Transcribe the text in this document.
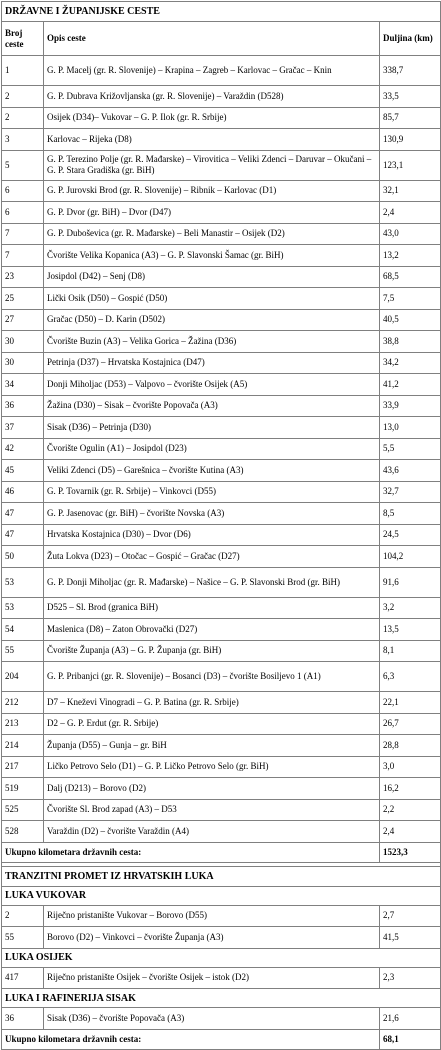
DRŽAVNE I ŽUPANIJSKE CESTE		
Broj ceste	Opis ceste	Duljina (km)
1	G. P. Macelj (gr. R. Slovenije) – Krapina – Zagreb – Karlovac – Gračac – Knin	338,7
2	G. P. Dubrava Križovljanska (gr. R. Slovenije) – Varaždin (D528)	33,5
2	Osijek (D34)– Vukovar – G. P. Ilok (gr. R. Srbije)	85,7
3	Karlovac – Rijeka (D8)	130,9
5	G. P. Terezino Polje (gr. R. Mađarske) – Virovitica – Veliki Zdenci – Daruvar – Okučani – G. P. Stara Gradiška (gr. BiH)	123,1
6	G. P. Jurovski Brod (gr. R. Slovenije) – Ribnik – Karlovac (D1)	32,1
6	G. P. Dvor (gr. BiH) – Dvor (D47)	2,4
7	G. P. Duboševica (gr. R. Mađarske) – Beli Manastir – Osijek (D2)	43,0
7	Čvorište Velika Kopanica (A3) – G. P. Slavonski Šamac (gr. BiH)	13,2
23	Josipdol (D42) – Senj (D8)	68,5
25	Lički Osik (D50) – Gospić (D50)	7,5
27	Gračac (D50) – D. Karin (D502)	40,5
30	Čvorište Buzin (A3) – Velika Gorica – Žažina (D36)	38,8
30	Petrinja (D37) – Hrvatska Kostajnica (D47)	34,2
34	Donji Miholjac (D53) – Valpovo – čvorište Osijek (A5)	41,2
36	Žažina (D30) – Sisak – čvorište Popovača (A3)	33,9
37	Sisak (D36) – Petrinja (D30)	13,0
42	Čvorište Ogulin (A1) – Josipdol (D23)	5,5
45	Veliki Zdenci (D5) – Garešnica – čvorište Kutina (A3)	43,6
46	G. P. Tovarnik (gr. R. Srbije) – Vinkovci (D55)	32,7
47	G. P. Jasenovac (gr. BiH) – čvorište Novska (A3)	8,5
47	Hrvatska Kostajnica (D30) – Dvor (D6)	24,5
50	Žuta Lokva (D23) – Otočac – Gospić – Gračac (D27)	104,2
53	G. P. Donji Miholjac (gr. R. Mađarske) – Našice – G. P. Slavonski Brod (gr. BiH)	91,6
53	D525 – Sl. Brod (granica BiH)	3,2
54	Maslenica (D8) – Zaton Obrovački (D27)	13,5
55	Čvorište Županja (A3) – G. P. Županja (gr. BiH)	8,1
204	G. P. Pribanjci (gr. R. Slovenije) – Bosanci (D3) – čvorište Bosiljevo 1 (A1)	6,3
212	D7 – Kneževi Vinogradi – G. P. Batina (gr. R. Srbije)	22,1
213	D2 – G. P. Erdut (gr. R. Srbije)	26,7
214	Županja (D55) – Gunja – gr. BiH	28,8
217	Ličko Petrovo Selo (D1) – G. P. Ličko Petrovo Selo (gr. BiH)	3,0
519	Dalj (D213) – Borovo (D2)	16,2
525	Čvorište Sl. Brod zapad (A3) – D53	2,2
528	Varaždin (D2) – čvorište Varaždin (A4)	2,4
Ukupno kilometara državnih cesta:		1523,3

TRANZITNI PROMET IZ HRVATSKIH LUKA		
LUKA VUKOVAR		
2	Riječno pristanište Vukovar – Borovo (D55)	2,7
55	Borovo (D2) – Vinkovci – čvorište Županja (A3)	41,5
LUKA OSIJEK		
417	Riječno pristanište Osijek – čvorište Osijek – istok (D2)	2,3
LUKA I RAFINERIJA SISAK		
36	Sisak (D36) – čvorište Popovača (A3)	21,6
Ukupno kilometara državnih cesta:		68,1
